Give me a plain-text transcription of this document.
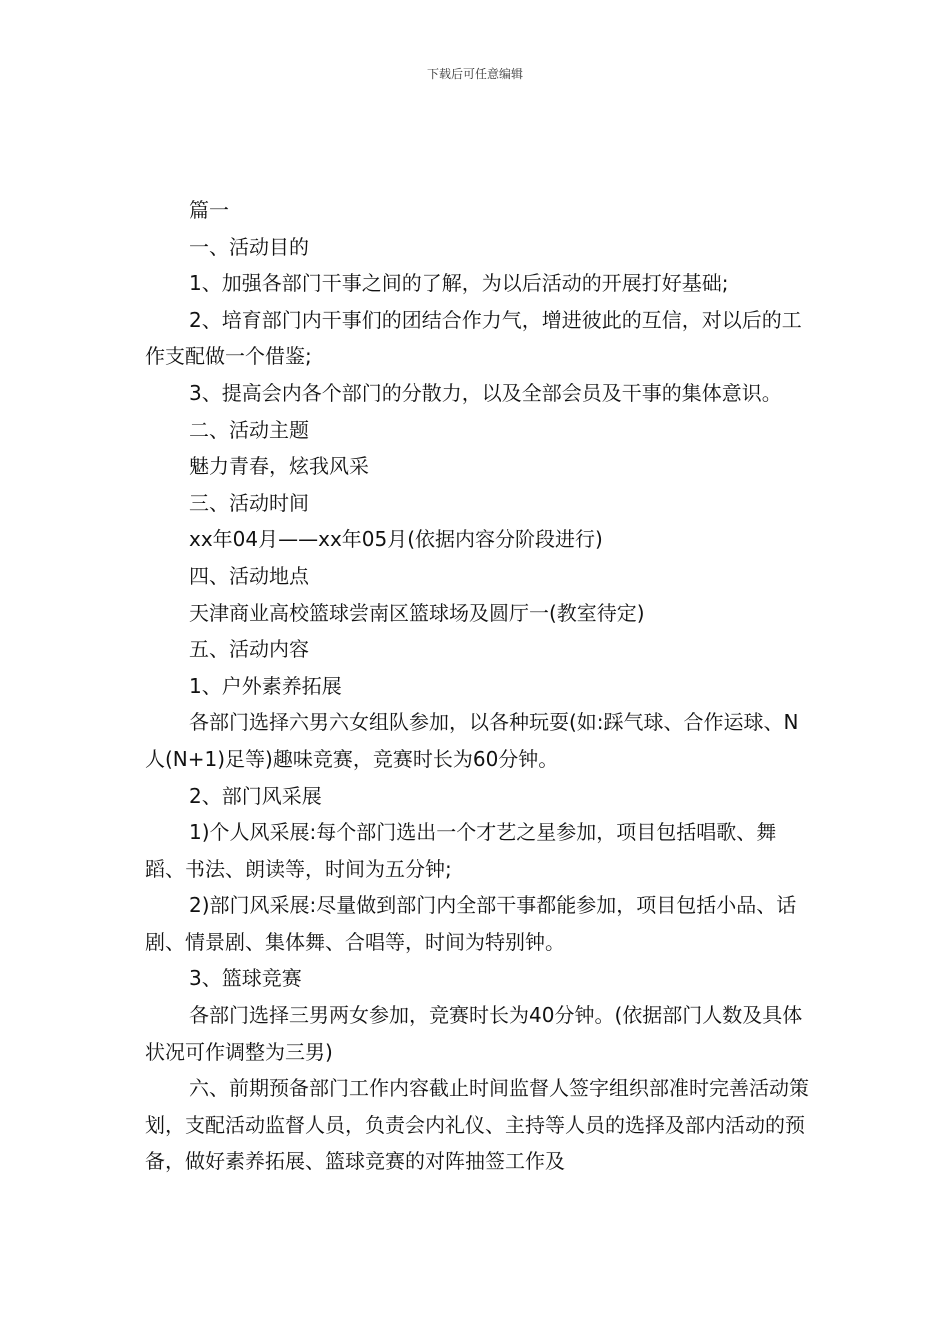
下载后可任意编辑

篇一

一、活动目的

1、加强各部门干事之间的了解，为以后活动的开展打好基础;

2、培育部门内干事们的团结合作力气，增进彼此的互信，对以后的工作支配做一个借鉴;

3、提高会内各个部门的分散力，以及全部会员及干事的集体意识。

二、活动主题

魅力青春，炫我风采

三、活动时间

xx年04月——xx年05月(依据内容分阶段进行)

四、活动地点

天津商业高校篮球尝南区篮球场及圆厅一(教室待定)

五、活动内容

1、户外素养拓展

各部门选择六男六女组队参加，以各种玩耍(如:踩气球、合作运球、N人(N+1)足等)趣味竞赛，竞赛时长为60分钟。

2、部门风采展

1)个人风采展:每个部门选出一个才艺之星参加，项目包括唱歌、舞蹈、书法、朗读等，时间为五分钟;

2)部门风采展:尽量做到部门内全部干事都能参加，项目包括小品、话剧、情景剧、集体舞、合唱等，时间为特别钟。

3、篮球竞赛

各部门选择三男两女参加，竞赛时长为40分钟。(依据部门人数及具体状况可作调整为三男)

六、前期预备部门工作内容截止时间监督人签字组织部准时完善活动策划，支配活动监督人员，负责会内礼仪、主持等人员的选择及部内活动的预备，做好素养拓展、篮球竞赛的对阵抽签工作及
